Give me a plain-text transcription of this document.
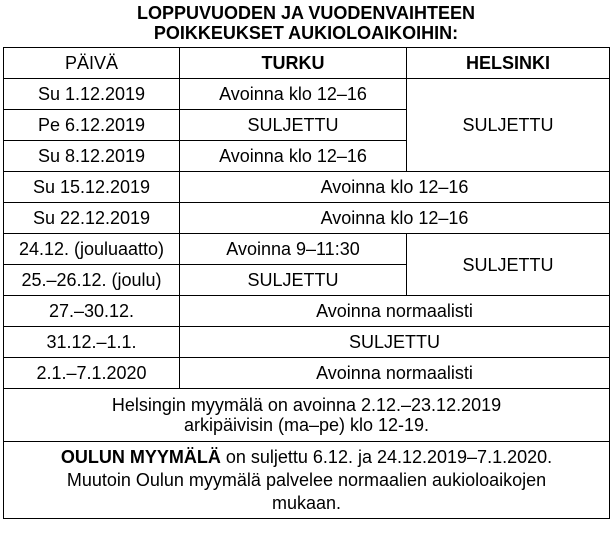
LOPPUVUODEN JA VUODENVAIHTEEN
POIKKEUKSET AUKIOLOAIKOIHIN:
PÄIVÄ	TURKU	HELSINKI
Su 1.12.2019	Avoinna klo 12–16	SULJETTU
Pe 6.12.2019	SULJETTU	
Su 8.12.2019	Avoinna klo 12–16	
Su 15.12.2019	Avoinna klo 12–16	
Su 22.12.2019	Avoinna klo 12–16	
24.12. (jouluaatto)	Avoinna 9–11:30	SULJETTU
25.–26.12. (joulu)	SULJETTU	
27.–30.12.	Avoinna normaalisti	
31.12.–1.1.	SULJETTU	
2.1.–7.1.2020	Avoinna normaalisti	

Helsingin myymälä on avoinna 2.12.–23.12.2019
arkipäivisin (ma–pe) klo 12-19.		

OULUN MYYMÄLÄ on suljettu 6.12. ja 24.12.2019–7.1.2020.
Muutoin Oulun myymälä palvelee normaalien aukioloaikojen
mukaan.		
